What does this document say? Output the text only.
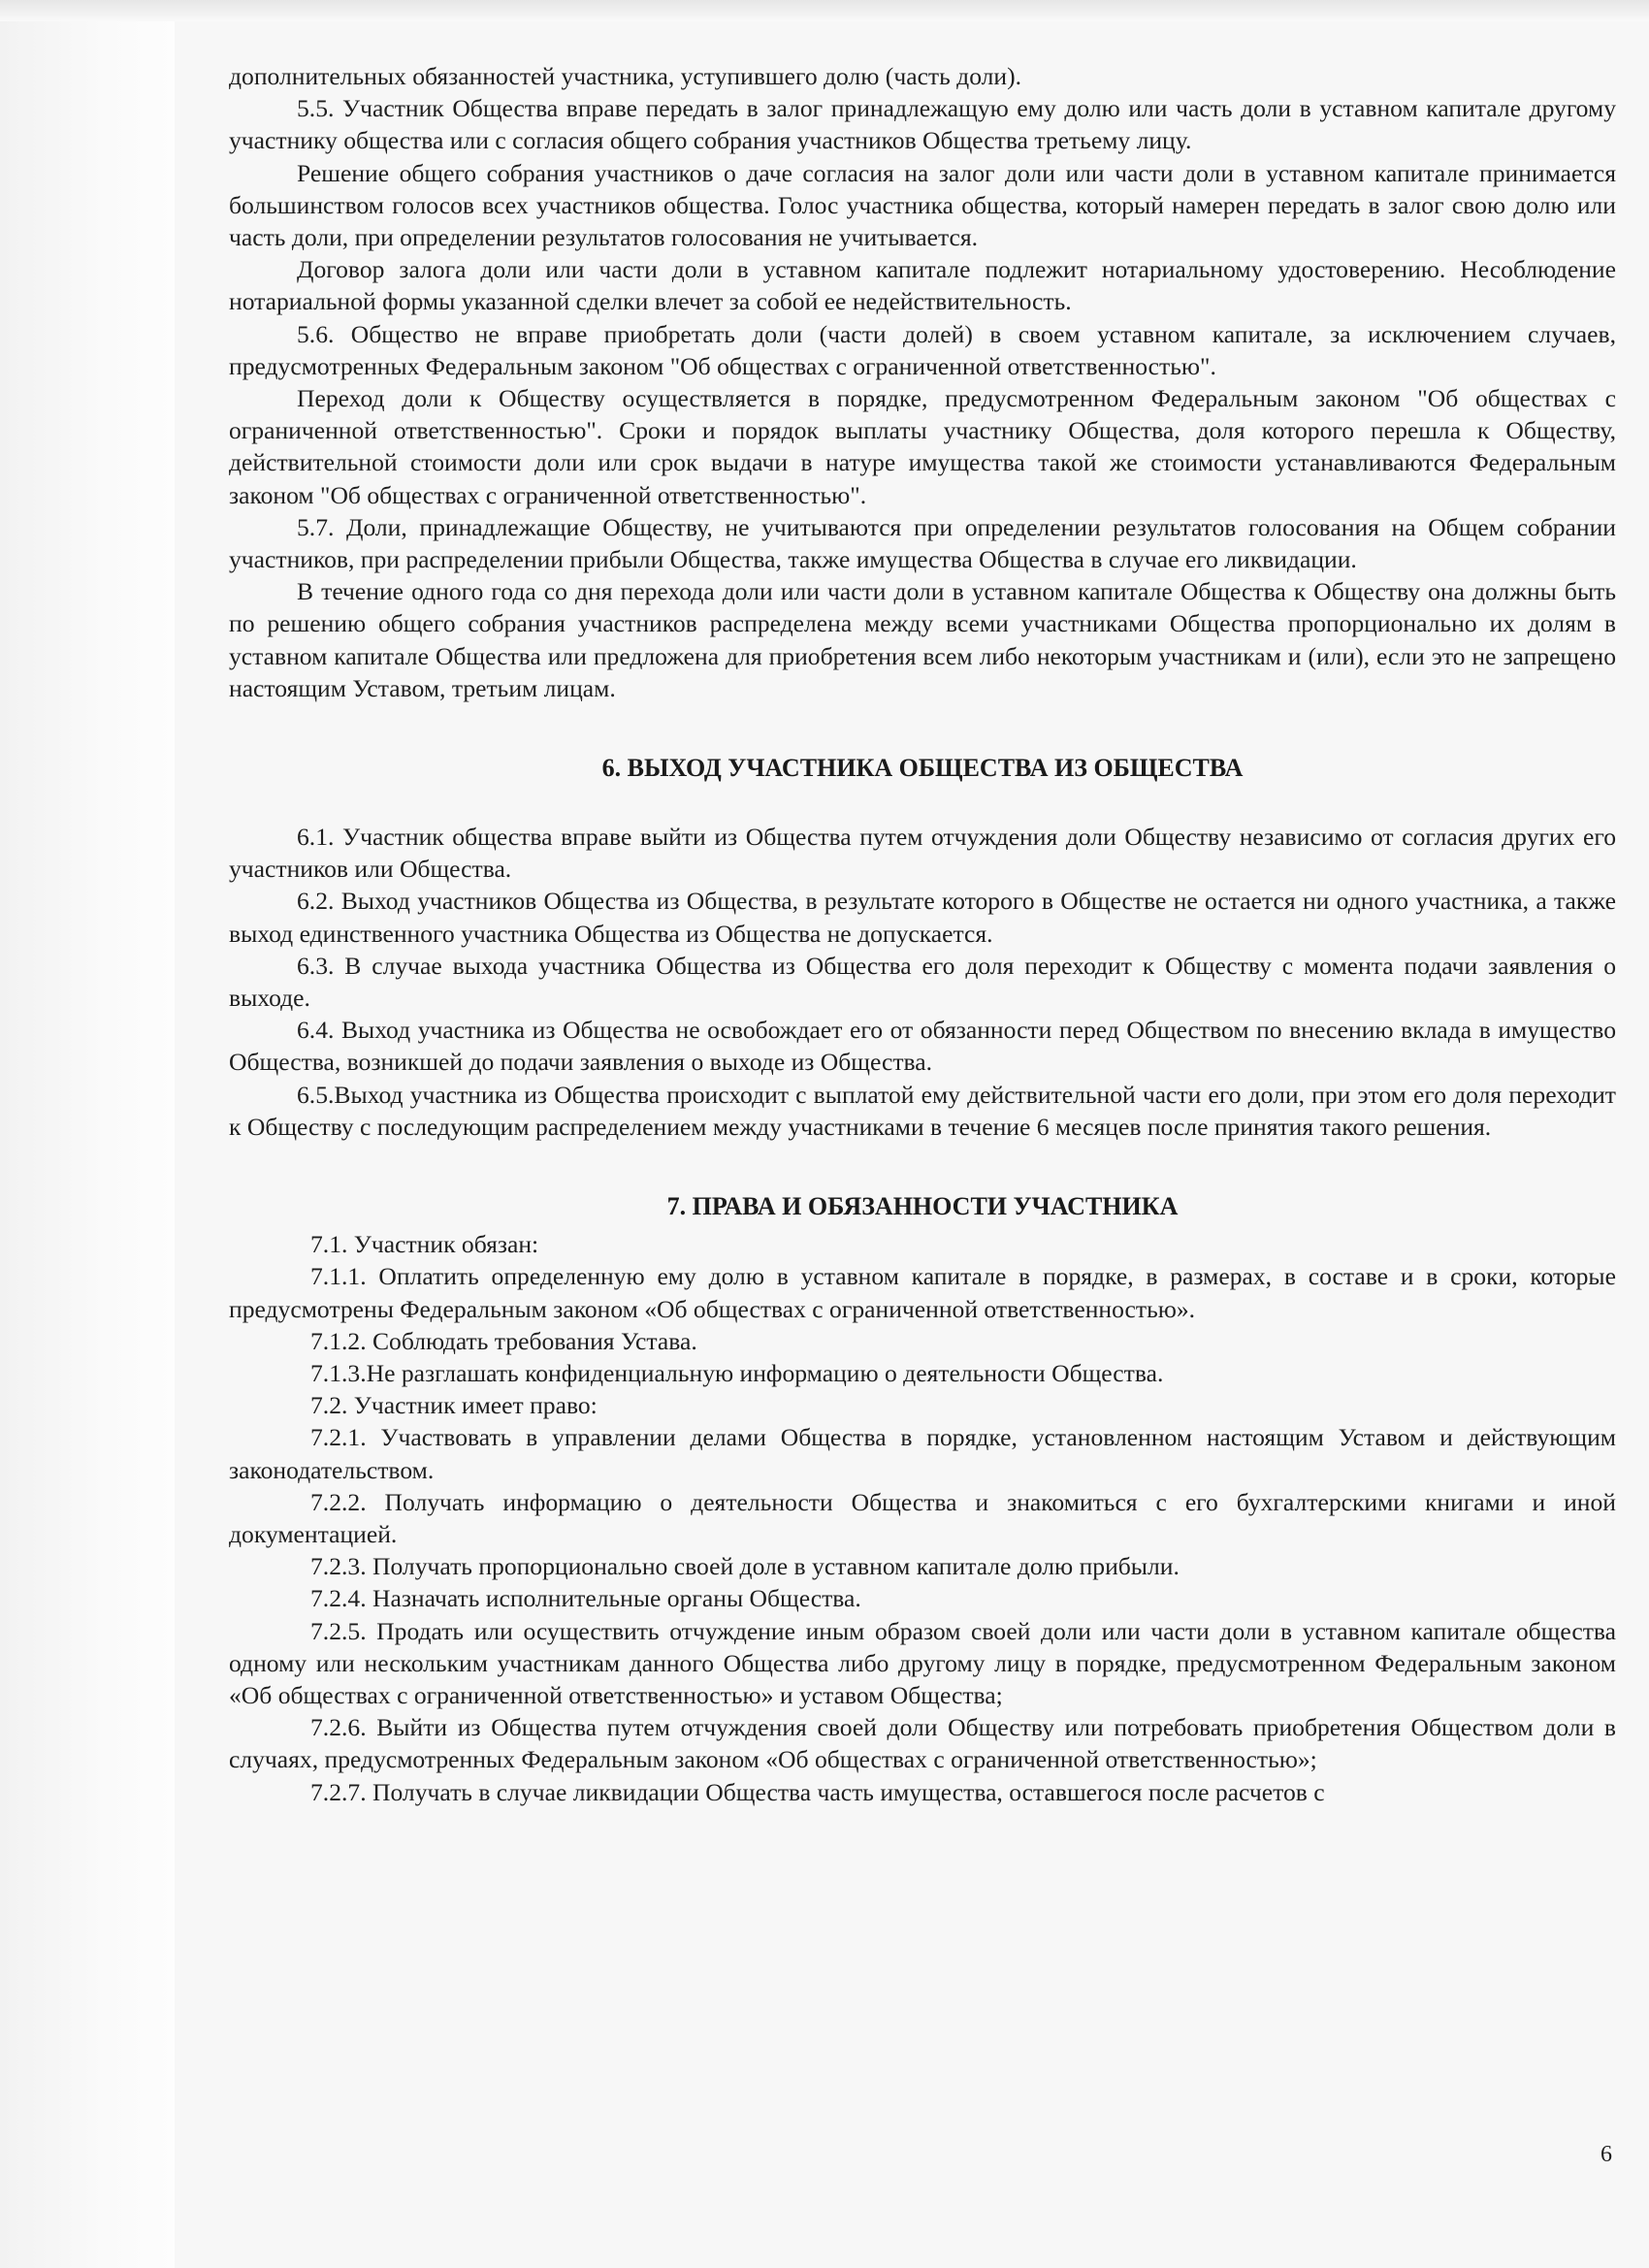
дополнительных обязанностей участника, уступившего долю (часть доли).

5.5. Участник Общества вправе передать в залог принадлежащую ему долю или часть доли в уставном капитале другому участнику общества или с согласия общего собрания участников Общества третьему лицу.

Решение общего собрания участников о даче согласия на залог доли или части доли в уставном капитале принимается большинством голосов всех участников общества. Голос участника общества, который намерен передать в залог свою долю или часть доли, при определении результатов голосования не учитывается.

Договор залога доли или части доли в уставном капитале подлежит нотариальному удостоверению. Несоблюдение нотариальной формы указанной сделки влечет за собой ее недействительность.

5.6. Общество не вправе приобретать доли (части долей) в своем уставном капитале, за исключением случаев, предусмотренных Федеральным законом "Об обществах с ограниченной ответственностью".

Переход доли к Обществу осуществляется в порядке, предусмотренном Федеральным законом "Об обществах с ограниченной ответственностью". Сроки и порядок выплаты участнику Общества, доля которого перешла к Обществу, действительной стоимости доли или срок выдачи в натуре имущества такой же стоимости устанавливаются Федеральным законом "Об обществах с ограниченной ответственностью".

5.7. Доли, принадлежащие Обществу, не учитываются при определении результатов голосования на Общем собрании участников, при распределении прибыли Общества, также имущества Общества в случае его ликвидации.

В течение одного года со дня перехода доли или части доли в уставном капитале Общества к Обществу она должны быть по решению общего собрания участников распределена между всеми участниками Общества пропорционально их долям в уставном капитале Общества или предложена для приобретения всем либо некоторым участникам и (или), если это не запрещено настоящим Уставом, третьим лицам.

6. ВЫХОД УЧАСТНИКА ОБЩЕСТВА ИЗ ОБЩЕСТВА

6.1. Участник общества вправе выйти из Общества путем отчуждения доли Обществу независимо от согласия других его участников или Общества.

6.2. Выход участников Общества из Общества, в результате которого в Обществе не остается ни одного участника, а также выход единственного участника Общества из Общества не допускается.

6.3. В случае выхода участника Общества из Общества его доля переходит к Обществу с момента подачи заявления о выходе.

6.4. Выход участника из Общества не освобождает его от обязанности перед Обществом по внесению вклада в имущество Общества, возникшей до подачи заявления о выходе из Общества.

6.5.Выход участника из Общества происходит с выплатой ему действительной части его доли, при этом его доля переходит к Обществу с последующим распределением между участниками в течение 6 месяцев после принятия такого решения.

7. ПРАВА И ОБЯЗАННОСТИ УЧАСТНИКА

7.1. Участник обязан:

7.1.1. Оплатить определенную ему долю в уставном капитале в порядке, в размерах, в составе и в сроки, которые предусмотрены Федеральным законом «Об обществах с ограниченной ответственностью».

7.1.2. Соблюдать требования Устава.

7.1.3.Не разглашать конфиденциальную информацию о деятельности Общества.

7.2. Участник имеет право:

7.2.1. Участвовать в управлении делами Общества в порядке, установленном настоящим Уставом и действующим законодательством.

7.2.2. Получать информацию о деятельности Общества и знакомиться с его бухгалтерскими книгами и иной документацией.

7.2.3. Получать пропорционально своей доле в уставном капитале долю прибыли.

7.2.4. Назначать исполнительные органы Общества.

7.2.5. Продать или осуществить отчуждение иным образом своей доли или части доли в уставном капитале общества одному или нескольким участникам данного Общества либо другому лицу в порядке, предусмотренном Федеральным законом «Об обществах с ограниченной ответственностью» и уставом Общества;

7.2.6. Выйти из Общества путем отчуждения своей доли Обществу или потребовать приобретения Обществом доли в случаях, предусмотренных Федеральным законом «Об обществах с ограниченной ответственностью»;

7.2.7. Получать в случае ликвидации Общества часть имущества, оставшегося после расчетов с

6
